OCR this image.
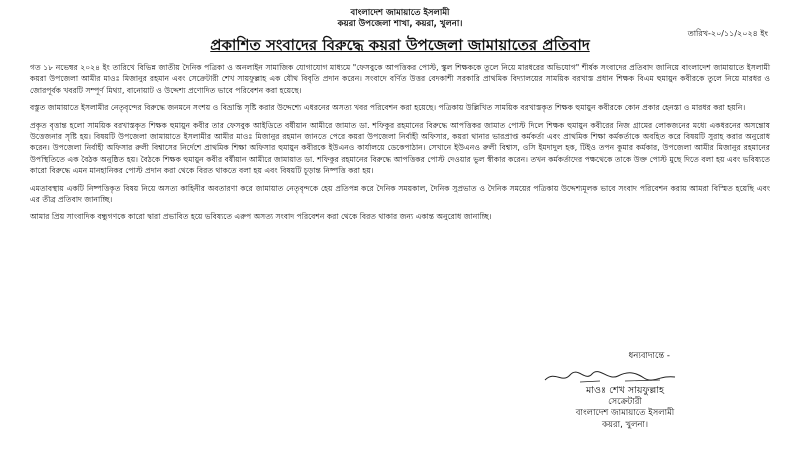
বাংলাদেশ জামায়াতে ইসলামী
কয়রা উপজেলা শাখা, কয়রা, খুলনা।
তারিখ-২০/১১/২০২৪ ইং
প্রকাশিত সংবাদের বিরুদ্ধে কয়রা উপজেলা জামায়াতের প্রতিবাদ

গত ১৮ নভেম্বর ২০২৪ ইং তারিখে বিভিন্ন জাতীয় দৈনিক পত্রিকা ও অনলাইন সামাজিক যোগাযোগ মাধ্যমে "ফেসবুকে আপত্তিকর পোস্ট, স্কুল শিক্ষককে তুলে নিয়ে মারধরের অভিযোগ" শীর্ষক সংবাদের প্রতিবাদ জানিয়ে বাংলাদেশ জামায়াতে ইসলামী কয়রা উপজেলা আমীর মাওঃ মিজানুর রহমান এবং সেক্রেটারী শেখ সায়ফুল্লাহ এক যৌথ বিবৃতি প্রদান করেন। সংবাদে বর্ণিত উত্তর বেদকাশী সরকারি প্রাথমিক বিদ্যালয়ের সাময়িক বরখাস্ত প্রধান শিক্ষক বিএম হুমায়ুন কবীরকে তুলে নিয়ে মারধর ও জোরপূর্বক খবরটি সম্পূর্ণ মিথ্যা, বানোয়াট ও উদ্দেশ্য প্রণোদিত ভাবে পরিবেশন করা হয়েছে।

বস্তুত জামায়াতে ইসলামীর নেতৃবৃন্দের বিরুদ্ধে জনমনে সংশয় ও বিভ্রান্তি সৃষ্টি করার উদ্দেশ্যে এধরনের অসত্য খবর পরিবেশন করা হয়েছে। পত্রিকায় উল্লিখিত সাময়িক বরখাস্তকৃত শিক্ষক হুমায়ুন কবীরকে কোন প্রকার হেনস্তা ও মারধর করা হয়নি।

প্রকৃত বৃত্তান্ত হলো সাময়িক বরখাস্তকৃত শিক্ষক হুমায়ুন কবীর তার ফেসবুক আইডিতে বর্ষীয়ান আমীরে জামাত ডা. শফিকুর রহমানের বিরুদ্ধে আপত্তিকর জামাত পোস্ট দিলে শিক্ষক হুমায়ুন কবীরের নিজ গ্রামের লোকজনের মধ্যে একধরনের অসন্তোষ উত্তেজনার সৃষ্টি হয়। বিষয়টি উপজেলা জামায়াতে ইসলামীর আমীর মাওঃ মিজানুর রহমান জানতে পেরে কয়রা উপজেলা নির্বাহী অফিসার, কয়রা থানার ভারপ্রাপ্ত কর্মকর্তা এবং প্রাথমিক শিক্ষা কর্মকর্তাকে অবহিত করে বিষয়টি সুরাহ করার অনুরোধ করেন। উপজেলা নির্বাহী অফিসার রুলী বিশ্বাসের নির্দেশে প্রাথমিক শিক্ষা অফিসার হুমায়ুন কবীরকে ইউএনও কার্যালয়ে ডেকেপাঠান। সেখানে ইউএনও রুলী বিশ্বাস, ওসি ইমদাদুল হক, টিইও তপন কুমার কর্মকার, উপজেলা আমীর মিজানুর রহমানের উপস্থিতিতে এক বৈঠক অনুষ্ঠিত হয়। বৈঠকে শিক্ষক হুমায়ুন কবীর বর্ষীয়ান আমীরে জামায়াত ডা. শফিকুর রহমানের বিরুদ্ধে আপত্তিকর পোস্ট দেওয়ার ভুল স্বীকার করেন। তখন কর্মকর্তাদের পক্ষথেকে তাকে উক্ত পোস্ট মুছে দিতে বলা হয় এবং ভবিষ্যতে কারো বিরুদ্ধে এমন মানহানিকর পোস্ট প্রদান করা থেকে বিরত থাকতে বলা হয় এবং বিষয়টি চূড়ান্ত নিষ্পত্তি করা হয়।

এমতাবস্থায় একটি নিষ্পত্তিকৃত বিষয় নিয়ে অসত্য কাহিনীর অবতারণা করে জামায়াত নেতৃবৃন্দকে হেয় প্রতিপন্ন করে দৈনিক সময়কাল, দৈনিক সুপ্রভাত ও দৈনিক সময়ের পত্রিকায় উদ্দেশ্যমূলক ভাবে সংবাদ পরিবেশন করায় আমরা বিস্মিত হয়েছি এবং এর তীব্র প্রতিবাদ জানাচ্ছি।

আমার প্রিয় সাংবাদিক বন্ধুগণকে কারো দ্বারা প্রভাবিত হয়ে ভবিষ্যতে এরুপ অসত্য সংবাদ পরিবেশন করা থেকে বিরত থাকার জন্য একান্ত অনুরোধ জানাচ্ছি।

ধন্যবাদান্তে -
মাওঃ শেখ সায়ফুল্লাহ
সেক্রেটারী
বাংলাদেশ জামায়াতে ইসলামী
কয়রা, খুলনা।
